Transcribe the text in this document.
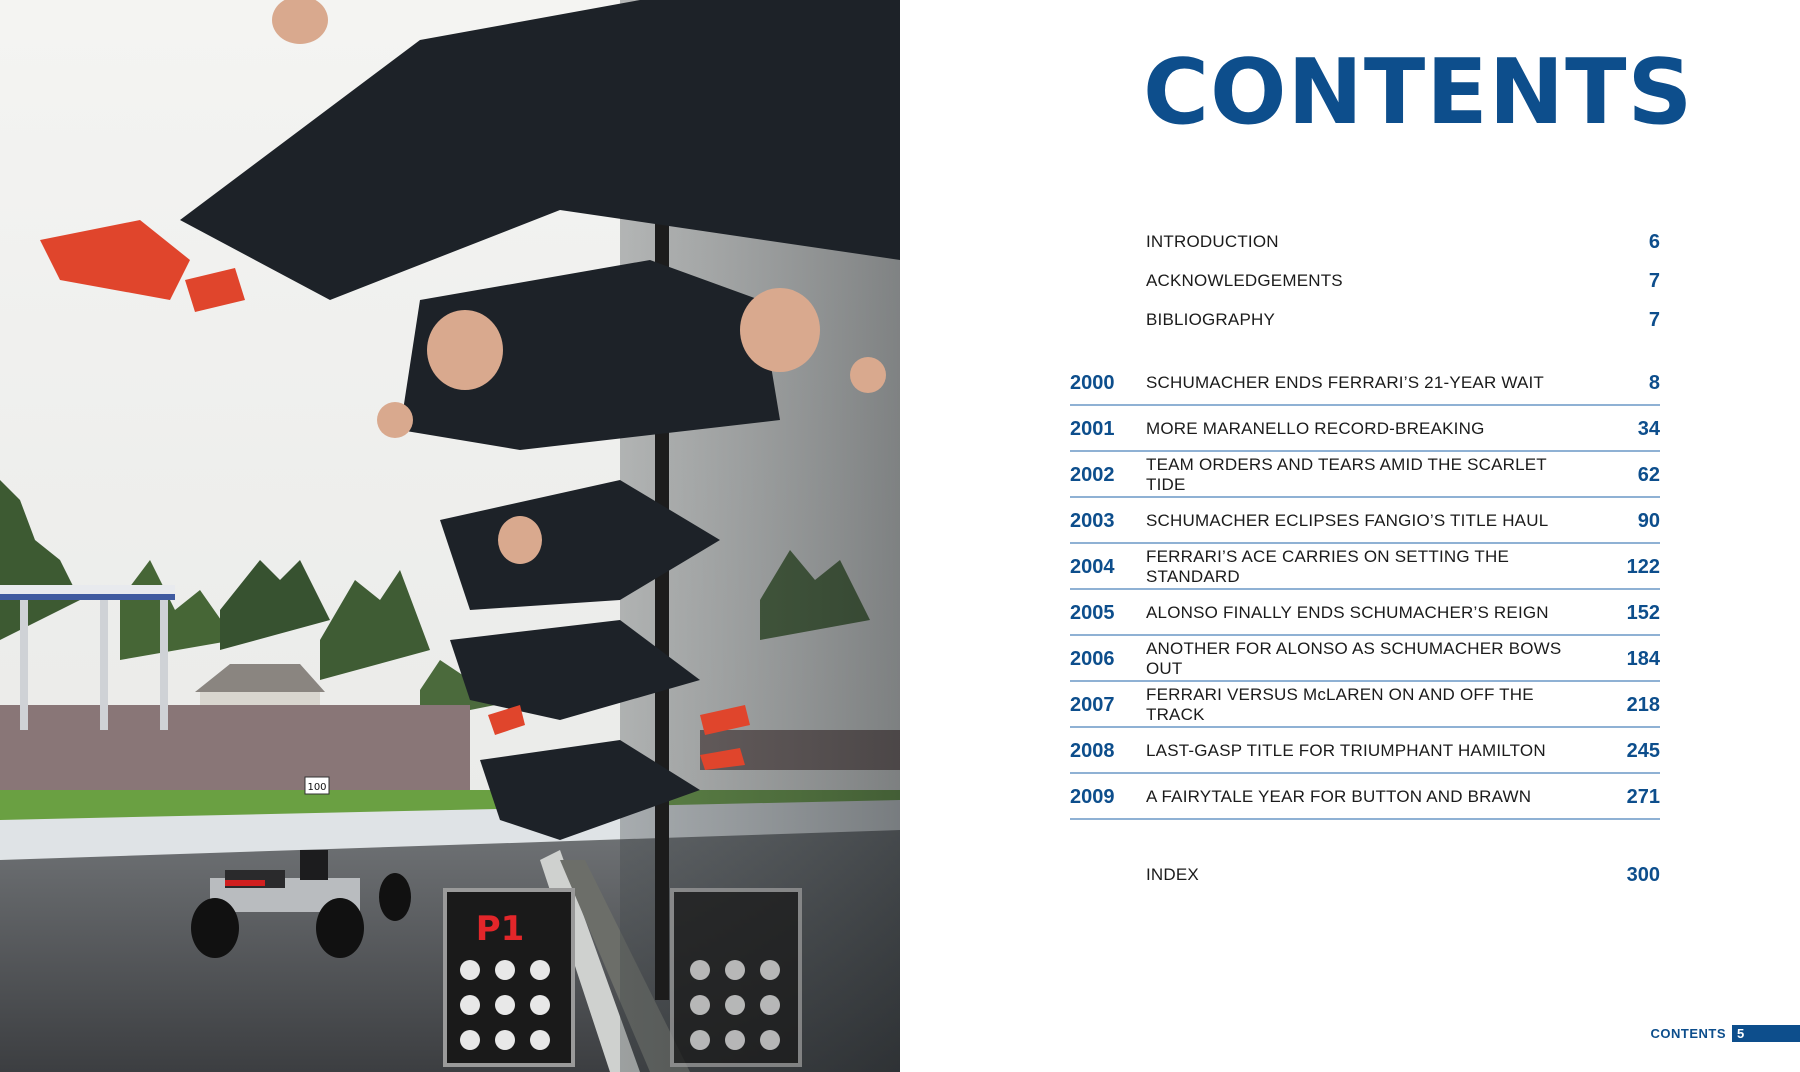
100
P1
CONTENTS
INTRODUCTION	6
ACKNOWLEDGEMENTS	7
BIBLIOGRAPHY	7
2000	SCHUMACHER ENDS FERRARI’S 21-YEAR WAIT	8
2001	MORE MARANELLO RECORD-BREAKING	34
2002	TEAM ORDERS AND TEARS AMID THE SCARLET TIDE	62
2003	SCHUMACHER ECLIPSES FANGIO’S TITLE HAUL	90
2004	FERRARI’S ACE CARRIES ON SETTING THE STANDARD	122
2005	ALONSO FINALLY ENDS SCHUMACHER’S REIGN	152
2006	ANOTHER FOR ALONSO AS SCHUMACHER BOWS OUT	184
2007	FERRARI VERSUS McLAREN ON AND OFF THE TRACK	218
2008	LAST-GASP TITLE FOR TRIUMPHANT HAMILTON	245
2009	A FAIRYTALE YEAR FOR BUTTON AND BRAWN	271
INDEX	300
CONTENTS 5
